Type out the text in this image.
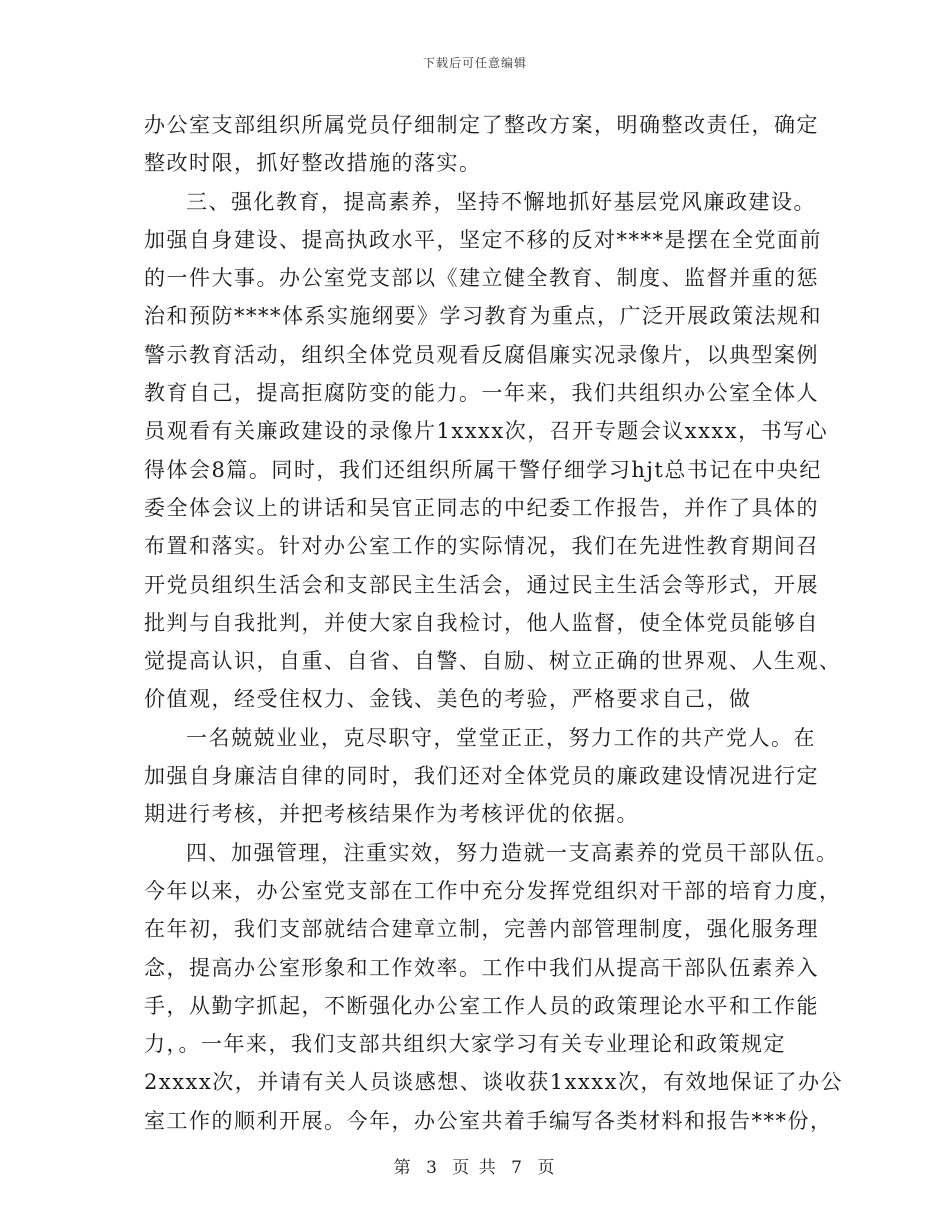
下载后可任意编辑
办公室支部组织所属党员仔细制定了整改方案，明确整改责任，确定
整改时限，抓好整改措施的落实。
三、强化教育，提高素养，坚持不懈地抓好基层党风廉政建设。
加强自身建设、提高执政水平，坚定不移的反对****是摆在全党面前
的一件大事。办公室党支部以《建立健全教育、制度、监督并重的惩
治和预防****体系实施纲要》学习教育为重点，广泛开展政策法规和
警示教育活动，组织全体党员观看反腐倡廉实况录像片，以典型案例
教育自己，提高拒腐防变的能力。一年来，我们共组织办公室全体人
员观看有关廉政建设的录像片1xxxx次，召开专题会议xxxx，书写心
得体会8篇。同时，我们还组织所属干警仔细学习hjt总书记在中央纪
委全体会议上的讲话和吴官正同志的中纪委工作报告，并作了具体的
布置和落实。针对办公室工作的实际情况，我们在先进性教育期间召
开党员组织生活会和支部民主生活会，通过民主生活会等形式，开展
批判与自我批判，并使大家自我检讨，他人监督，使全体党员能够自
觉提高认识，自重、自省、自警、自励、树立正确的世界观、人生观、
价值观，经受住权力、金钱、美色的考验，严格要求自己，做
一名兢兢业业，克尽职守，堂堂正正，努力工作的共产党人。在
加强自身廉洁自律的同时，我们还对全体党员的廉政建设情况进行定
期进行考核，并把考核结果作为考核评优的依据。
四、加强管理，注重实效，努力造就一支高素养的党员干部队伍。
今年以来，办公室党支部在工作中充分发挥党组织对干部的培育力度，
在年初，我们支部就结合建章立制，完善内部管理制度，强化服务理
念，提高办公室形象和工作效率。工作中我们从提高干部队伍素养入
手，从勤字抓起，不断强化办公室工作人员的政策理论水平和工作能
力，。一年来，我们支部共组织大家学习有关专业理论和政策规定
2xxxx次，并请有关人员谈感想、谈收获1xxxx次，有效地保证了办公
室工作的顺利开展。今年，办公室共着手编写各类材料和报告***份，
第 3 页 共 7 页
